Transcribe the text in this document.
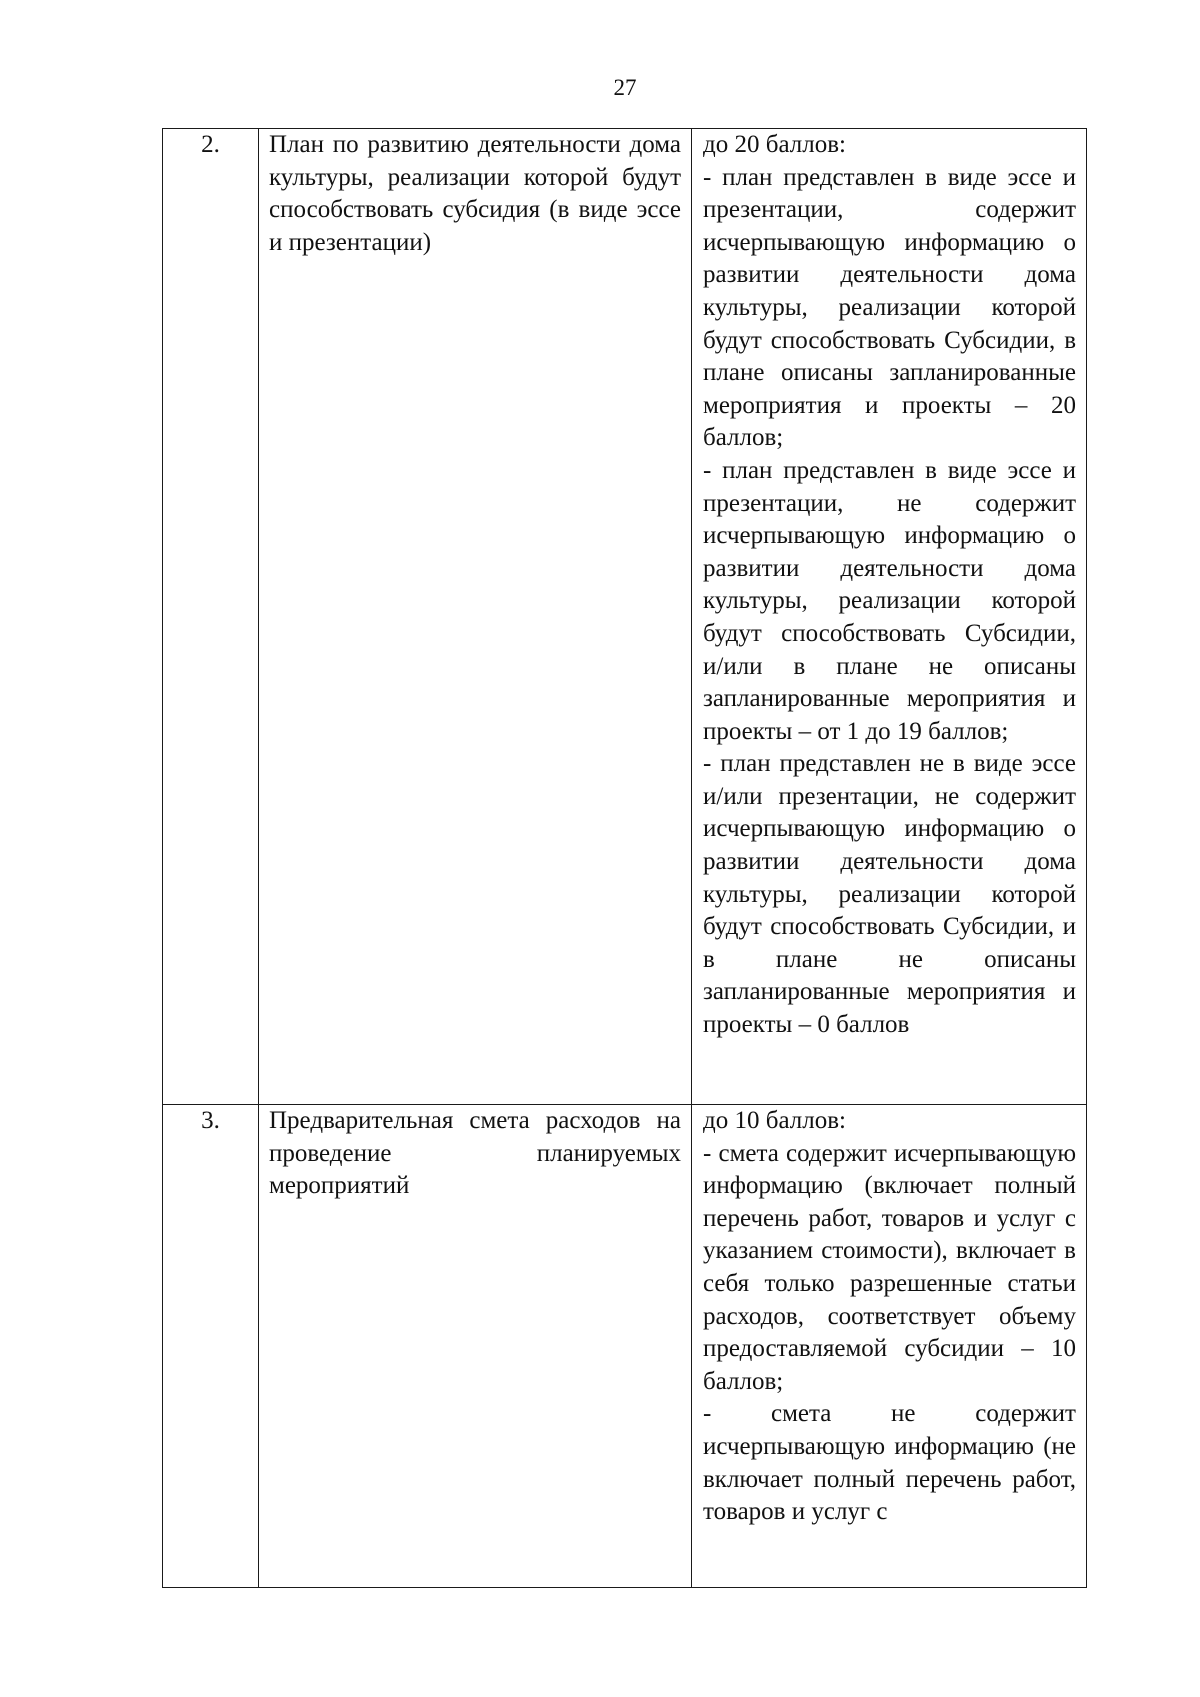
27
2.	План по развитию деятельности дома культуры, реализации которой будут способствовать субсидия (в виде эссе и презентации)	до 20 баллов:
- план представлен в виде эссе и презентации, содержит исчерпывающую информацию о развитии деятельности дома культуры, реализации которой будут способствовать Субсидии, в плане описаны запланированные мероприятия и проекты – 20 баллов;
- план представлен в виде эссе и презентации, не содержит исчерпывающую информацию о развитии деятельности дома культуры, реализации которой будут способствовать Субсидии, и/или в плане не описаны запланированные мероприятия и проекты – от 1 до 19 баллов;
- план представлен не в виде эссе и/или презентации, не содержит исчерпывающую информацию о развитии деятельности дома культуры, реализации которой будут способствовать Субсидии, и в плане не описаны запланированные мероприятия и проекты – 0 баллов

3.	Предварительная смета расходов на проведение планируемых мероприятий	до 10 баллов:
- смета содержит исчерпывающую информацию (включает полный перечень работ, товаров и услуг с указанием стоимости), включает в себя только разрешенные статьи расходов, соответствует объему предоставляемой субсидии – 10 баллов;
- смета не содержит исчерпывающую информацию (не включает полный перечень работ, товаров и услуг с
